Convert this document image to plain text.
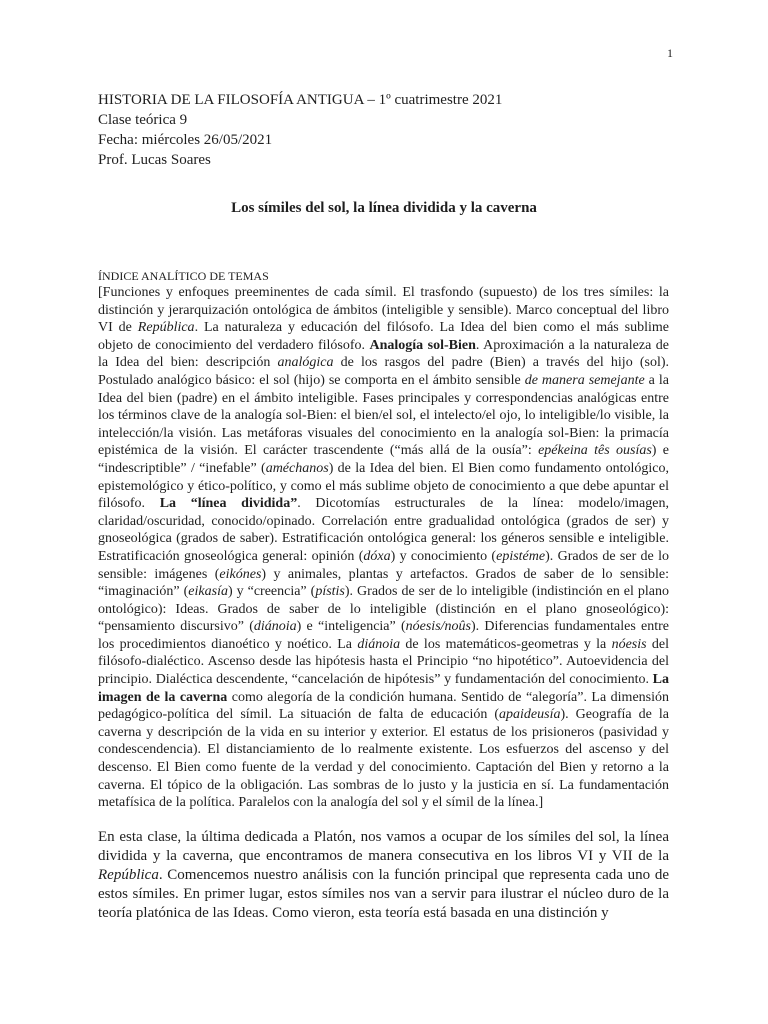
1
HISTORIA DE LA FILOSOFÍA ANTIGUA – 1º cuatrimestre 2021
Clase teórica 9
Fecha: miércoles 26/05/2021
Prof. Lucas Soares
Los símiles del sol, la línea dividida y la caverna
ÍNDICE ANALÍTICO DE TEMAS
[Funciones y enfoques preeminentes de cada símil. El trasfondo (supuesto) de los tres símiles: la distinción y jerarquización ontológica de ámbitos (inteligible y sensible). Marco conceptual del libro VI de República. La naturaleza y educación del filósofo. La Idea del bien como el más sublime objeto de conocimiento del verdadero filósofo. Analogía sol-Bien. Aproximación a la naturaleza de la Idea del bien: descripción analógica de los rasgos del padre (Bien) a través del hijo (sol). Postulado analógico básico: el sol (hijo) se comporta en el ámbito sensible de manera semejante a la Idea del bien (padre) en el ámbito inteligible. Fases principales y correspondencias analógicas entre los términos clave de la analogía sol-Bien: el bien/el sol, el intelecto/el ojo, lo inteligible/lo visible, la intelección/la visión. Las metáforas visuales del conocimiento en la analogía sol-Bien: la primacía epistémica de la visión. El carácter trascendente (“más allá de la ousía”: epékeina tês ousías) e “indescriptible” / “inefable” (améchanos) de la Idea del bien. El Bien como fundamento ontológico, epistemológico y ético-político, y como el más sublime objeto de conocimiento a que debe apuntar el filósofo. La “línea dividida”. Dicotomías estructurales de la línea: modelo/imagen, claridad/oscuridad, conocido/opinado. Correlación entre gradualidad ontológica (grados de ser) y gnoseológica (grados de saber). Estratificación ontológica general: los géneros sensible e inteligible. Estratificación gnoseológica general: opinión (dóxa) y conocimiento (epistéme). Grados de ser de lo sensible: imágenes (eikónes) y animales, plantas y artefactos. Grados de saber de lo sensible: “imaginación” (eikasía) y “creencia” (pístis). Grados de ser de lo inteligible (indistinción en el plano ontológico): Ideas. Grados de saber de lo inteligible (distinción en el plano gnoseológico): “pensamiento discursivo” (diánoia) e “inteligencia” (nóesis/noûs). Diferencias fundamentales entre los procedimientos dianoético y noético. La diánoia de los matemáticos-geometras y la nóesis del filósofo-dialéctico. Ascenso desde las hipótesis hasta el Principio “no hipotético”. Autoevidencia del principio. Dialéctica descendente, “cancelación de hipótesis” y fundamentación del conocimiento. La imagen de la caverna como alegoría de la condición humana. Sentido de “alegoría”. La dimensión pedagógico-política del símil. La situación de falta de educación (apaideusía). Geografía de la caverna y descripción de la vida en su interior y exterior. El estatus de los prisioneros (pasividad y condescendencia). El distanciamiento de lo realmente existente. Los esfuerzos del ascenso y del descenso. El Bien como fuente de la verdad y del conocimiento. Captación del Bien y retorno a la caverna. El tópico de la obligación. Las sombras de lo justo y la justicia en sí. La fundamentación metafísica de la política. Paralelos con la analogía del sol y el símil de la línea.]
En esta clase, la última dedicada a Platón, nos vamos a ocupar de los símiles del sol, la línea dividida y la caverna, que encontramos de manera consecutiva en los libros VI y VII de la República. Comencemos nuestro análisis con la función principal que representa cada uno de estos símiles. En primer lugar, estos símiles nos van a servir para ilustrar el núcleo duro de la teoría platónica de las Ideas. Como vieron, esta teoría está basada en una distinción y
